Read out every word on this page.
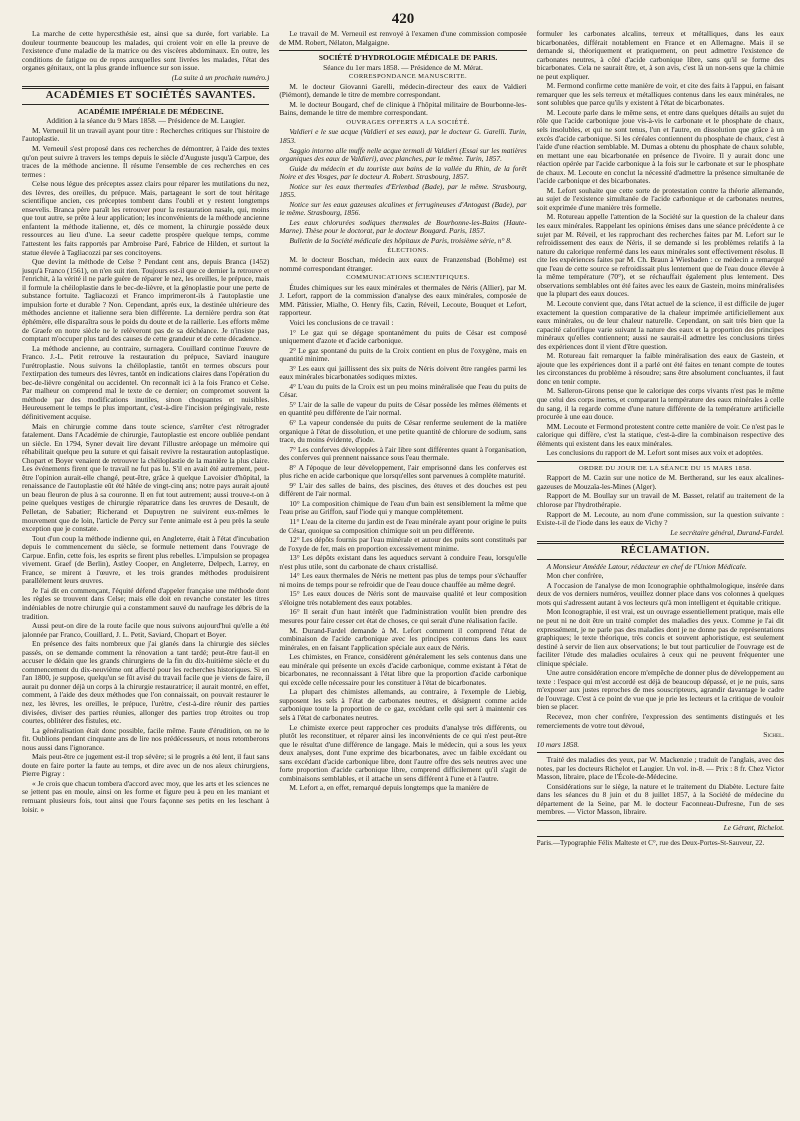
420

La marche de cette hypercsthésie est, ainsi que sa durée, fort variable. La douleur tourmente beaucoup les malades, qui croient voir en elle la preuve de l'existence d'une maladie de la matrice ou des viscères abdominaux. En outre, les conditions de fatigue ou de repos auxquelles sont livrées les malades, l'état des organes génitaux, ont la plus grande influence sur son issue.

(La suite à un prochain numéro.)

ACADÉMIES ET SOCIÉTÉS SAVANTES.

ACADÉMIE IMPÉRIALE DE MÉDECINE.

Addition à la séance du 9 Mars 1858. — Présidence de M. Laugier.

M. Verneuil lit un travail ayant pour titre : Recherches critiques sur l'histoire de l'autoplastie.

M. Verneuil s'est proposé dans ces recherches de démontrer, à l'aide des textes qu'on peut suivre à travers les temps depuis le siècle d'Auguste jusqu'à Carpue, des traces de la méthode ancienne. Il résume l'ensemble de ces recherches en ces termes :

Celse nous légue des préceptes assez clairs pour réparer les mutilations du nez, des lèvres, des oreilles, du prépuce. Mais, partageant le sort de tout héritage scientifique ancien, ces préceptes tombent dans l'oubli et y restent longtemps ensevelis. Branca père paraît les retrouver pour la restauration nasale, qui, moins que tout autre, se prête à leur application; les inconvénients de la méthode ancienne enfantent la méthode italienne, et, dès ce moment, la chirurgie possède deux ressources au lieu d'une. La seeur cadette prospère quelque temps, comme l'attestent les faits rapportés par Ambroise Paré, Fabrice de Hilden, et surtout la statue élevée à Tagliacozzi par ses concitoyens.

Que devint la méthode de Celse ? Pendant cent ans, depuis Branca (1452) jusqu'à Franco (1561), on n'en suit rien. Toujours est-il que ce dernier la retrouve et l'enrichit, à la vérité il ne parle guère de réparer le nez, les oreilles, le prépuce, mais il formule la chéiloplastie dans le bec-de-lièvre, et la génoplastie pour une perte de substance fortuite. Tagliacozzi et Franco imprimeront-ils à l'autoplastie une impulsion forte et durable ? Non. Cependant, après eux, la destinée ultérieure des méthodes ancienne et italienne sera bien différente. La dernière perdra son état éphémère, elle disparaîtra sous le poids du doute et de la raillerie. Les efforts même de Graefe en notre siècle ne le relèveront pas de sa déchéance. Je n'insiste pas, comptant m'occuper plus tard des causes de cette grandeur et de cette décadence.

La méthode ancienne, au contraire, surnagera. Couillard continue l'œuvre de Franco. J.-L. Petit retrouve la restauration du prépuce, Saviard inaugure l'urétroplastie. Nous suivons la chéiloplastie, tantôt en termes obscurs pour l'extirpation des tumeurs des lèvres, tantôt en indications claires dans l'opération du bec-de-lièvre congénital ou accidentel. On reconnaît ici à la fois Franco et Celse. Par malheur on comprend mal le texte de ce dernier; on compromet souvent la méthode par des modifications inutiles, sinon choquantes et nuisibles. Heureusement le temps le plus important, c'est-à-dire l'incision prégingivale, reste définitivement acquise.

Mais en chirurgie comme dans toute science, s'arrêter c'est rétrograder fatalement. Dans l'Académie de chirurgie, l'autoplastie est encore oubliée pendant un siècle. En 1794, Syner devait lire devant l'illustre aréopage un mémoire qui réhabilitait quelque peu la suture et qui faisait revivre la restauration autoplastique. Chopart et Boyer venaient de retrouver la chéiloplastie de la manière la plus claire. Les événements firent que le travail ne fut pas lu. S'il en avait été autrement, peut-être l'opinion aurait-elle changé, peut-être, grâce à quelque Lavoisier d'hôpital, la renaissance de l'autoplastie eût été hâtée de vingt-cinq ans; notre pays aurait ajouté un beau fleuron de plus à sa couronne. Il en fut tout autrement; aussi trouve-t-on à peine quelques vestiges de chirurgie réparatrice dans les œuvres de Desault, de Pelletan, de Sabatier; Richerand et Dupuytren ne suivirent eux-mêmes le mouvement que de loin, l'article de Percy sur l'ente animale est à peu près la seule exception que je constate.

Tout d'un coup la méthode indienne qui, en Angleterre, était à l'état d'incubation depuis le commencement du siècle, se formule nettement dans l'ouvrage de Carpue. Enfin, cette fois, les esprits se firent plus rebelles. L'impulsion se propagea vivement. Graef (de Berlin), Astley Cooper, en Angleterre, Delpech, Larrey, en France, se mirent à l'œuvre, et les trois grandes méthodes produisirent parallèlement leurs œuvres.

Je l'ai dit en commençant, l'équité défend d'appeler française une méthode dont les règles se trouvent dans Celse; mais elle doit en revanche constater les titres indéniables de notre chirurgie qui a constamment sauvé du naufrage les débris de la tradition.

Aussi peut-on dire de la route facile que nous suivons aujourd'hui qu'elle a été jalonnée par Franco, Couillard, J. L. Petit, Saviard, Chopart et Boyer.

En présence des faits nombreux que j'ai glanés dans la chirurgie des siècles passés, on se demande comment la rénovation a tant tardé; peut-être faut-il en accuser le dédain que les grands chirurgiens de la fin du dix-huitième siècle et du commencement du dix-neuvième ont affecté pour les recherches historiques. Si en l'an 1800, je suppose, quelqu'un se fût avisé du travail facile que je viens de faire, il aurait pu donner déjà un corps à la chirurgie restauratrice; il aurait montré, en effet, comment, à l'aide des deux méthodes que l'on connaissait, on pouvait restaurer le nez, les lèvres, les oreilles, le prépuce, l'urètre, c'est-à-dire réunir des parties divisées, diviser des parties réunies, allonger des parties trop étroites ou trop courtes, oblitérer des fistules, etc.

La généralisation était donc possible, facile même. Faute d'érudition, on ne le fit. Oublions pendant cinquante ans de lire nos prédécesseurs, et nous retomberons nous aussi dans l'ignorance.

Mais peut-être ce jugement est-il trop sévère; si le progrès a été lent, il faut sans doute en faire porter la faute au temps, et dire avec un de nos aïeux chirurgiens, Pierre Pigray :

« Je crois que chacun tombera d'accord avec moy, que les arts et les sciences ne se jettent pas en moule, ainsi on les forme et figure peu à peu en les maniant et remuant plusieurs fois, tout ainsi que l'ours façonne ses petits en les leschant à loisir. »

Le travail de M. Verneuil est renvoyé à l'examen d'une commission composée de MM. Robert, Nélaton, Malgaigne.

SOCIÉTÉ D'HYDROLOGIE MÉDICALE DE PARIS.

Séance du 1er mars 1858. — Présidence de M. Mérat.

CORRESPONDANCE MANUSCRITE.

M. le docteur Giovanni Garelli, médecin-directeur des eaux de Valdieri (Piémont), demande le titre de membre correspondant.

M. le docteur Bougard, chef de clinique à l'hôpital militaire de Bourbonne-les-Bains, demande le titre de membre correspondant.

OUVRAGES OFFERTS A LA SOCIÉTÉ.

Valdieri e le sue acque (Valdieri et ses eaux), par le docteur G. Garelli. Turin, 1853.

Saggio intorno alle muffe nelle acque termali di Valdieri (Essai sur les matières organiques des eaux de Valdieri), avec planches, par le même. Turin, 1857.

Guide du médecin et du touriste aux bains de la vallée du Rhin, de la forêt Noire et des Vosges, par le docteur A. Robert. Strasbourg, 1857.

Notice sur les eaux thermales d'Erlenbad (Bade), par le même. Strasbourg, 1855.

Notice sur les eaux gazeuses alcalines et ferrugineuses d'Antogast (Bade), par le même. Strasbourg, 1856.

Les eaux chlorurées sodiques thermales de Bourbonne-les-Bains (Haute-Marne). Thèse pour le doctorat, par le docteur Bougard. Paris, 1857.

Bulletin de la Société médicale des hôpitaux de Paris, troisième série, n° 8.

ÉLECTIONS.

M. le docteur Boschan, médecin aux eaux de Franzensbad (Bohême) est nommé correspondant étranger.

COMMUNICATIONS SCIENTIFIQUES.

Études chimiques sur les eaux minérales et thermales de Néris (Allier), par M. J. Lefort, rapport de la commission d'analyse des eaux minérales, composée de MM. Pâtissier, Mialhe, O. Henry fils, Cazin, Réveil, Lecoute, Bouquet et Lefort, rapporteur.

Voici les conclusions de ce travail :

1° Le gaz qui se dégage spontanément du puits de César est composé uniquement d'azote et d'acide carbonique.

2° Le gaz spontané du puits de la Croix contient en plus de l'oxygène, mais en quantité minime.

3° Les eaux qui jaillissent des six puits de Néris doivent être rangées parmi les eaux minérales bicarbonatées sodiques mixtes.

4° L'eau du puits de la Croix est un peu moins minéralisée que l'eau du puits de César.

5° L'air de la salle de vapeur du puits de César possède les mêmes éléments et en quantité peu différente de l'air normal.

6° La vapeur condensée du puits de César renferme seulement de la matière organique à l'état de dissolution, et une petite quantité de chlorure de sodium, sans trace, du moins évidente, d'iode.

7° Les conferves développées à l'air libre sont différentes quant à l'organisation, des conferves qui prennent naissance sous l'eau thermale.

8° A l'époque de leur développement, l'air emprisonné dans les conferves est plus riche en acide carbonique que lorsqu'elles sont parvenues à complète maturité.

9° L'air des salles de bains, des piscines, des étuves et des douches est peu différent de l'air normal.

10° La composition chimique de l'eau d'un bain est sensiblement la même que l'eau prise au Griffon, sauf l'iode qui y manque complètement.

11° L'eau de la citerne du jardin est de l'eau minérale ayant pour origine le puits de César, quoique sa composition chimique soit un peu différente.

12° Les dépôts fournis par l'eau minérale et autour des puits sont constitués par de l'oxyde de fer, mais en proportion excessivement minime.

13° Les dépôts existant dans les aqueducs servant à conduire l'eau, lorsqu'elle n'est plus utile, sont du carbonate de chaux cristallisé.

14° Les eaux thermales de Néris ne mettent pas plus de temps pour s'échauffer ni moins de temps pour se refroidir que de l'eau douce chauffée au même degré.

15° Les eaux douces de Néris sont de mauvaise qualité et leur composition s'éloigne très notablement des eaux potables.

16° Il serait d'un haut intérêt que l'administration voulût bien prendre des mesures pour faire cesser cet état de choses, ce qui serait d'une réalisation facile.

M. Durand-Fardel demande à M. Lefort comment il comprend l'état de combinaison de l'acide carbonique avec les principes contenus dans les eaux minérales, en en faisant l'application spéciale aux eaux de Néris.

Les chimistes, en France, considèrent généralement les sels contenus dans une eau minérale qui présente un excès d'acide carbonique, comme existant à l'état de bicarbonates, ne reconnaissant à l'état libre que la proportion d'acide carbonique qui excède celle nécessaire pour les constituer à l'état de bicarbonates.

La plupart des chimistes allemands, au contraire, à l'exemple de Liebig, supposent les sels à l'état de carbonates neutres, et désignent comme acide carbonique toute la proportion de ce gaz, excédant celle qui sert à maintenir ces sels à l'état de carbonates neutres.

Le chimiste exerce peut rapprocher ces produits d'analyse très différents, ou plutôt les reconstituer, et réparer ainsi les inconvénients de ce qui n'est peut-être que le résultat d'une différence de langage. Mais le médecin, qui a sous les yeux deux analyses, dont l'une exprime des bicarbonates, avec un faible excédant ou sans excédant d'acide carbonique libre, dont l'autre offre des sels neutres avec une forte proportion d'acide carbonique libre, comprend difficilement qu'il s'agit de combinaisons semblables, et il attache un sens différent à l'une et à l'autre.

M. Lefort a, en effet, remarqué depuis longtemps que la manière de

formuler les carbonates alcalins, terreux et métalliques, dans les eaux bicarbonatées, différait notablement en France et en Allemagne. Mais il se demande si, théoriquement et pratiquement, on peut admettre l'existence de carbonates neutres, à côté d'acide carbonique libre, sans qu'il se forme des bicarbonates. Cela ne saurait être, et, à son avis, c'est là un non-sens que la chimie ne peut expliquer.

M. Fermond confirme cette manière de voir, et cite des faits à l'appui, en faisant remarquer que les sels terreux et métalliques contenus dans les eaux minérales, ne sont solubles que parce qu'ils y existent à l'état de bicarbonates.

M. Lecoute parle dans le même sens, et entre dans quelques détails au sujet du rôle que l'acide carbonique joue vis-à-vis le carbonate et le phosphate de chaux, sels insolubles, et qui ne sont tenus, l'un et l'autre, en dissolution que grâce à un excès d'acide carbonique. Si les céréales contiennent du phosphate de chaux, c'est à l'aide d'une réaction semblable. M. Dumas a obtenu du phosphate de chaux soluble, en mettant une eau bicarbonatée en présence de l'ivoire. Il y aurait donc une réaction opérée par l'acide carbonique à la fois sur le carbonate et sur le phosphate de chaux. M. Lecoute en conclut la nécessité d'admettre la présence simultanée de l'acide carbonique et des bicarbonates.

M. Lefort souhaite que cette sorte de protestation contre la théorie allemande, au sujet de l'existence simultanée de l'acide carbonique et de carbonates neutres, soit exprimée d'une manière très formelle.

M. Rotureau appelle l'attention de la Société sur la question de la chaleur dans les eaux minérales. Rappelant les opinions émises dans une séance précédente à ce sujet par M. Réveil, et les rapprochant des recherches faites par M. Lefort sur le refroidissement des eaux de Néris, il se demande si les problèmes relatifs à la nature du calorique renfermé dans les eaux minérales sont effectivement résolus. Il cite les expériences faites par M. Ch. Braun à Wiesbaden : ce médecin a remarqué que l'eau de cette source se refroidissait plus lentement que de l'eau douce élevée à la même température (70°), et se réchauffait également plus lentement. Des observations semblables ont été faites avec les eaux de Gastein, moins minéralisées que la plupart des eaux douces.

M. Lecoute convient que, dans l'état actuel de la science, il est difficile de juger exactement la question comparative de la chaleur imprimée artificiellement aux eaux minérales, ou de leur chaleur naturelle. Cependant, on sait très bien que la capacité calorifique varie suivant la nature des eaux et la proportion des principes minéraux qu'elles contiennent; aussi ne saurait-il admettre les conclusions tirées des expériences dont il vient d'être question.

M. Rotureau fait remarquer la faible minéralisation des eaux de Gastein, et ajoute que les expériences dont il a parlé ont été faites en tenant compte de toutes les circonstances du problème à résoudre; sans être absolument concluantes, il faut donc en tenir compte.

M. Salleron-Girons pense que le calorique des corps vivants n'est pas le même que celui des corps inertes, et comparant la température des eaux minérales à celle du sang, il la regarde comme d'une nature différente de la température artificielle procurée à une eau douce.

MM. Lecoute et Fermond protestent contre cette manière de voir. Ce n'est pas le calorique qui diffère, c'est la statique, c'est-à-dire la combinaison respective des éléments qui existent dans les eaux minérales.

Les conclusions du rapport de M. Lefort sont mises aux voix et adoptées.

ORDRE DU JOUR DE LA SÉANCE DU 15 MARS 1858.

Rapport de M. Cazin sur une notice de M. Bertherand, sur les eaux alcalines-gazeuses de Mouzaïa-les-Mines (Alger).

Rapport de M. Boullay sur un travail de M. Basset, relatif au traitement de la chlorose par l'hydrothérapie.

Rapport de M. Lecoute, au nom d'une commission, sur la question suivante : Existe-t-il de l'iode dans les eaux de Vichy ?

Le secrétaire général, Durand-Fardel.

RÉCLAMATION.

A Monsieur Amédée Latour, rédacteur en chef de l'Union Médicale.

Mon cher confrère,

A l'occasion de l'analyse de mon Iconographie ophthalmologique, insérée dans deux de vos derniers numéros, veuillez donner place dans vos colonnes à quelques mots qui s'adressent autant à vos lecteurs qu'à mon intelligent et équitable critique.

Mon Iconographie, il est vrai, est un ouvrage essentiellement pratique, mais elle ne peut ni ne doit être un traité complet des maladies des yeux. Comme je l'ai dit expressément, je ne parle pas des maladies dont je ne donne pas de représentations graphiques; le texte théorique, très concis et souvent aphoristique, est seulement destiné à servir de lien aux observations; le but tout particulier de l'ouvrage est de faciliter l'étude des maladies oculaires à ceux qui ne peuvent fréquenter une clinique spéciale.

Une autre considération encore m'empêche de donner plus de développement au texte : l'espace qui m'est accordé est déjà de beaucoup dépassé, et je ne puis, sans m'exposer aux justes reproches de mes souscripteurs, agrandir davantage le cadre de l'ouvrage. C'est à ce point de vue que je prie les lecteurs et la critique de vouloir bien se placer.

Recevez, mon cher confrère, l'expression des sentiments distingués et les remerciements de votre tout dévoué,

Sichel.

10 mars 1858.

Traité des maladies des yeux, par W. Mackenzie ; traduit de l'anglais, avec des notes, par les docteurs Richelot et Laugier. Un vol. in-8. — Prix : 8 fr. Chez Victor Masson, libraire, place de l'École-de-Médecine.

Considérations sur le siège, la nature et le traitement du Diabète. Lecture faite dans les séances du 8 juin et du 8 juillet 1857, à la Société de médecine du département de la Seine, par M. le docteur Faconneau-Dufresne, l'un de ses membres. — Victor Masson, libraire.

Le Gérant, Richelot.

Paris.—Typographie Félix Malteste et C°, rue des Deux-Portes-St-Sauveur, 22.
